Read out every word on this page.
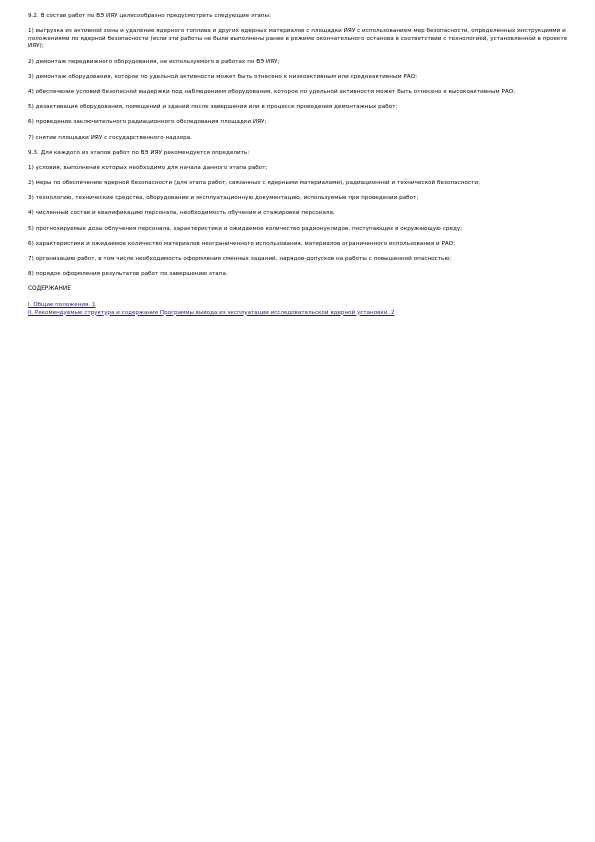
9.2. В состав работ по ВЭ ИЯУ целесообразно предусмотреть следующие этапы:

1) выгрузка из активной зоны и удаление ядерного топлива и других ядерных материалов с площадки ИЯУ с использованием мер безопасности, определенных инструкциями и положениями по ядерной безопасности (если эти работы не были выполнены ранее в режиме окончательного останова в соответствии с технологией, установленной в проекте ИЯУ);

2) демонтаж передвижного оборудования, не используемого в работах по ВЭ ИЯУ;

3) демонтаж оборудования, которое по удельной активности может быть отнесено к низкоактивным или среднеактивным РАО;

4) обеспечение условий безопасной выдержки под наблюдением оборудования, которое по удельной активности может быть отнесено к высокоактивным РАО;

5) дезактивация оборудования, помещений и зданий после завершения или в процессе проведения демонтажных работ;

6) проведение заключительного радиационного обследования площадки ИЯУ;

7) снятие площадки ИЯУ с государственного надзора.

9.3. Для каждого из этапов работ по ВЭ ИЯУ рекомендуется определить:

1) условия, выполнение которых необходимо для начала данного этапа работ;

2) меры по обеспечению ядерной безопасности (для этапа работ, связанных с ядерными материалами), радиационной и технической безопасности;

3) технологию, технические средства, оборудование и эксплуатационную документацию, используемые при проведении работ;

4) численный состав и квалификацию персонала, необходимость обучения и стажировки персонала;

5) прогнозируемые дозы облучения персонала, характеристики и ожидаемое количество радионуклидов, поступающих в окружающую среду;

6) характеристики и ожидаемое количество материалов неограниченного использования, материалов ограниченного использования и РАО;

7) организацию работ, в том числе необходимость оформления сменных заданий, нарядов-допусков на работы с повышенной опасностью;

8) порядок оформления результатов работ по завершению этапа.

СОДЕРЖАНИЕ
I. Общие положения. 1
II. Рекомендуемые структура и содержание Программы вывода из эксплуатации исследовательской ядерной установки. 2
